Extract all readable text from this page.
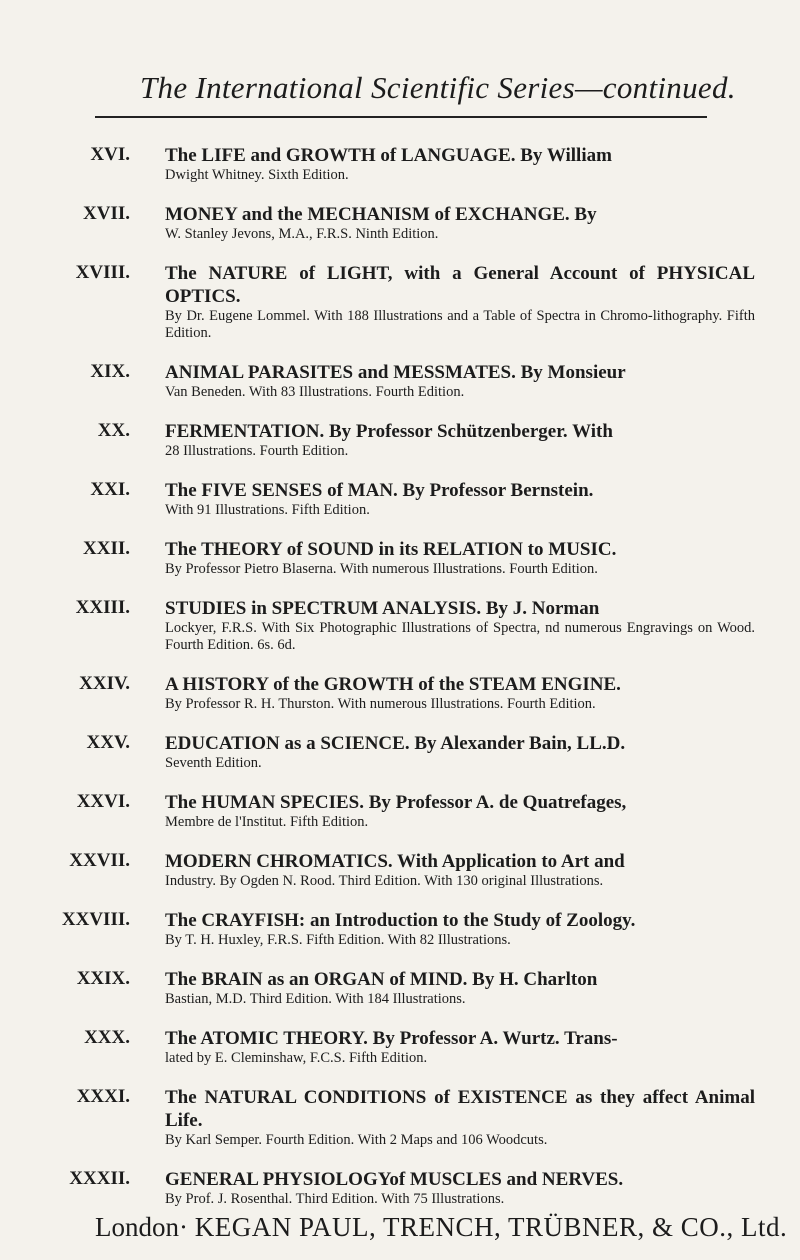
The International Scientific Series—continued.
XVI. The LIFE and GROWTH of LANGUAGE. By William
Dwight Whitney. Sixth Edition.
XVII. MONEY and the MECHANISM of EXCHANGE. By
W. Stanley Jevons, M.A., F.R.S. Ninth Edition.
XVIII. The NATURE of LIGHT, with a General Account of PHYSICAL OPTICS.
By Dr. Eugene Lommel. With 188 Illustrations and a Table of Spectra in Chromo-lithography. Fifth Edition.
XIX. ANIMAL PARASITES and MESSMATES. By Monsieur
Van Beneden. With 83 Illustrations. Fourth Edition.
XX. FERMENTATION. By Professor Schützenberger. With
28 Illustrations. Fourth Edition.
XXI. The FIVE SENSES of MAN. By Professor Bernstein.
With 91 Illustrations. Fifth Edition.
XXII. The THEORY of SOUND in its RELATION to MUSIC.
By Professor Pietro Blaserna. With numerous Illustrations. Fourth Edition.
XXIII. STUDIES in SPECTRUM ANALYSIS. By J. Norman
Lockyer, F.R.S. With Six Photographic Illustrations of Spectra, nd numerous Engravings on Wood. Fourth Edition. 6s. 6d.
XXIV. A HISTORY of the GROWTH of the STEAM ENGINE.
By Professor R. H. Thurston. With numerous Illustrations. Fourth Edition.
XXV. EDUCATION as a SCIENCE. By Alexander Bain, LL.D.
Seventh Edition.
XXVI. The HUMAN SPECIES. By Professor A. de Quatrefages,
Membre de l'Institut. Fifth Edition.
XXVII. MODERN CHROMATICS. With Application to Art and
Industry. By Ogden N. Rood. Third Edition. With 130 original Illustrations.
XXVIII. The CRAYFISH: an Introduction to the Study of Zoology.
By T. H. Huxley, F.R.S. Fifth Edition. With 82 Illustrations.
XXIX. The BRAIN as an ORGAN of MIND. By H. Charlton
Bastian, M.D. Third Edition. With 184 Illustrations.
XXX. The ATOMIC THEORY. By Professor A. Wurtz. Trans-
lated by E. Cleminshaw, F.C.S. Fifth Edition.
XXXI. The NATURAL CONDITIONS of EXISTENCE as they affect Animal Life.
By Karl Semper. Fourth Edition. With 2 Maps and 106 Woodcuts.
XXXII. GENERAL PHYSIOLOGYof MUSCLES and NERVES.
By Prof. J. Rosenthal. Third Edition. With 75 Illustrations.
London· KEGAN PAUL, TRENCH, TRÜBNER, & CO., Ltd.
